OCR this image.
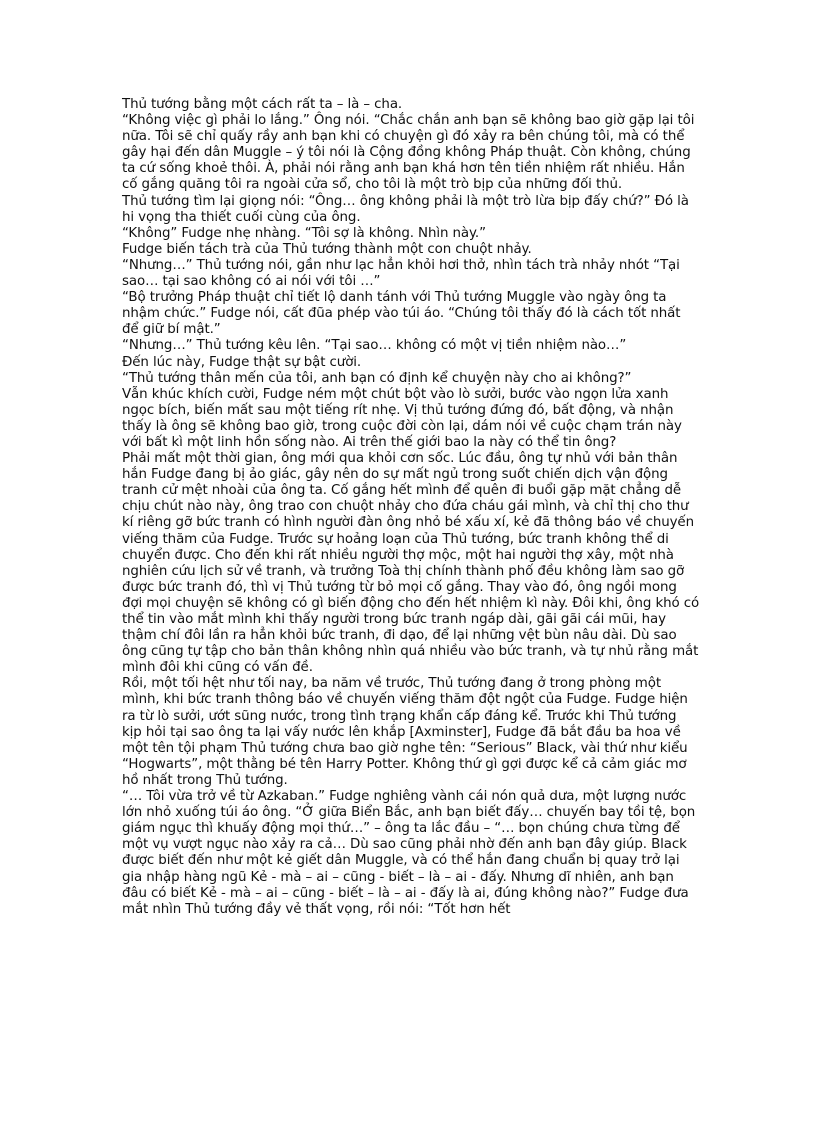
Thủ tướng bằng một cách rất ta – là – cha.

“Không việc gì phải lo lắng.” Ông nói. “Chắc chắn anh bạn sẽ không bao giờ gặp lại tôi nữa. Tôi sẽ chỉ quấy rầy anh bạn khi có chuyện gì đó xảy ra bên chúng tôi, mà có thể gây hại đến dân Muggle – ý tôi nói là Cộng đồng không Pháp thuật. Còn không, chúng ta cứ sống khoẻ thôi. À, phải nói rằng anh bạn khá hơn tên tiền nhiệm rất nhiều. Hắn cố gắng quăng tôi ra ngoài cửa sổ, cho tôi là một trò bịp của những đối thủ.

Thủ tướng tìm lại giọng nói: “Ông… ông không phải là một trò lừa bịp đấy chứ?” Đó là hi vọng tha thiết cuối cùng của ông.

“Không” Fudge nhẹ nhàng. “Tôi sợ là không. Nhìn này.”

Fudge biến tách trà của Thủ tướng thành một con chuột nhảy.

“Nhưng…” Thủ tướng nói, gần như lạc hẳn khỏi hơi thở, nhìn tách trà nhảy nhót “Tại sao… tại sao không có ai nói với tôi …”

“Bộ trưởng Pháp thuật chỉ tiết lộ danh tánh với Thủ tướng Muggle vào ngày ông ta nhậm chức.” Fudge nói, cất đũa phép vào túi áo. “Chúng tôi thấy đó là cách tốt nhất để giữ bí mật.”

“Nhưng…” Thủ tướng kêu lên. “Tại sao… không có một vị tiền nhiệm nào…”

Đến lúc này, Fudge thật sự bật cười.

“Thủ tướng thân mến của tôi, anh bạn có định kể chuyện này cho ai không?”

Vẫn khúc khích cười, Fudge ném một chút bột vào lò sưởi, bước vào ngọn lửa xanh ngọc bích, biến mất sau một tiếng rít nhẹ. Vị thủ tướng đứng đó, bất động, và nhận thấy là ông sẽ không bao giờ, trong cuộc đời còn lại, dám nói về cuộc chạm trán này với bất kì một linh hồn sống nào. Ai trên thế giới bao la này có thể tin ông?

Phải mất một thời gian, ông mới qua khỏi cơn sốc. Lúc đầu, ông tự nhủ với bản thân hắn Fudge đang bị ảo giác, gây nên do sự mất ngủ trong suốt chiến dịch vận động tranh cử mệt nhoài của ông ta. Cố gắng hết mình để quên đi buổi gặp mặt chẳng dễ chịu chút nào này, ông trao con chuột nhảy cho đứa cháu gái mình, và chỉ thị cho thư kí riêng gỡ bức tranh có hình người đàn ông nhỏ bé xấu xí, kẻ đã thông báo về chuyến viếng thăm của Fudge. Trước sự hoảng loạn của Thủ tướng, bức tranh không thể di chuyển được. Cho đến khi rất nhiều người thợ mộc, một hai người thợ xây, một nhà nghiên cứu lịch sử về tranh, và trưởng Toà thị chính thành phố đều không làm sao gỡ được bức tranh đó, thì vị Thủ tướng từ bỏ mọi cố gắng. Thay vào đó, ông ngồi mong đợi mọi chuyện sẽ không có gì biến động cho đến hết nhiệm kì này. Đôi khi, ông khó có thể tin vào mắt mình khi thấy người trong bức tranh ngáp dài, gãi gãi cái mũi, hay thậm chí đôi lần ra hẳn khỏi bức tranh, đi dạo, để lại những vệt bùn nâu dài. Dù sao ông cũng tự tập cho bản thân không nhìn quá nhiều vào bức tranh, và tự nhủ rằng mắt mình đôi khi cũng có vấn đề.

Rồi, một tối hệt như tối nay, ba năm về trước, Thủ tướng đang ở trong phòng một mình, khi bức tranh thông báo về chuyến viếng thăm đột ngột của Fudge. Fudge hiện ra từ lò sưởi, ướt sũng nước, trong tình trạng khẩn cấp đáng kể. Trước khi Thủ tướng kịp hỏi tại sao ông ta lại vấy nước lên khắp [Axminster], Fudge đã bắt đầu ba hoa về một tên tội phạm Thủ tướng chưa bao giờ nghe tên: “Serious” Black, vài thứ như kiểu “Hogwarts”, một thằng bé tên Harry Potter. Không thứ gì gợi được kể cả cảm giác mơ hồ nhất trong Thủ tướng.

“… Tôi vừa trở về từ Azkaban.” Fudge nghiêng vành cái nón quả dưa, một lượng nước lớn nhỏ xuống túi áo ông. “Ở giữa Biển Bắc, anh bạn biết đấy… chuyến bay tồi tệ, bọn giám ngục thì khuấy động mọi thứ…” – ông ta lắc đầu – “… bọn chúng chưa từng để một vụ vượt ngục nào xảy ra cả… Dù sao cũng phải nhờ đến anh bạn đây giúp. Black được biết đến như một kẻ giết dân Muggle, và có thể hắn đang chuẩn bị quay trở lại gia nhập hàng ngũ Kẻ - mà – ai – cũng - biết – là – ai - đấy. Nhưng dĩ nhiên, anh bạn đâu có biết Kẻ - mà – ai – cũng - biết – là – ai - đấy là ai, đúng không nào?” Fudge đưa mắt nhìn Thủ tướng đầy vẻ thất vọng, rồi nói: “Tốt hơn hết
